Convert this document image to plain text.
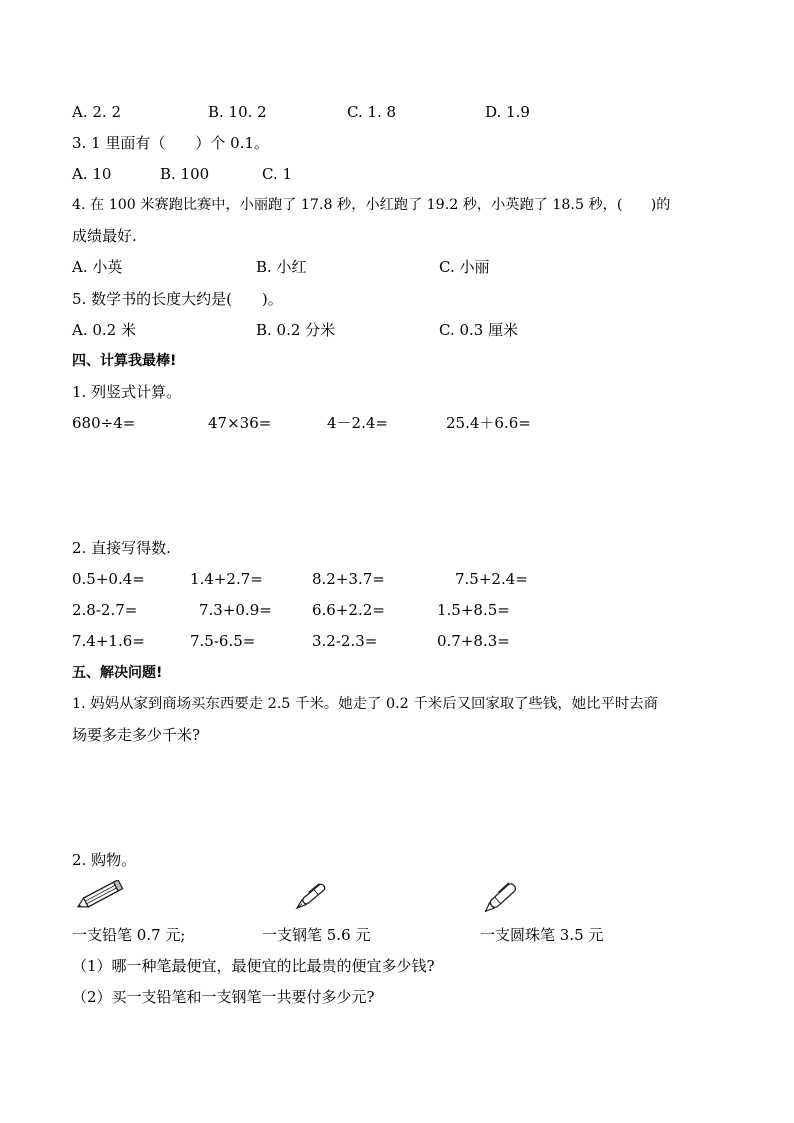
A. 2. 2	B. 10. 2	C. 1. 8	D. 1.9
3. 1 里面有（　　）个 0.1。
A. 10	B. 100	C. 1
4. 在 100 米赛跑比赛中，小丽跑了 17.8 秒，小红跑了 19.2 秒，小英跑了 18.5 秒，(　　)的
成绩最好.
A. 小英	B. 小红	C. 小丽
5. 数学书的长度大约是(　　)。
A. 0.2 米	B. 0.2 分米	C. 0.3 厘米
四、计算我最棒!
1. 列竖式计算。
680÷4=	47×36=	4－2.4=	25.4＋6.6=
2. 直接写得数.
0.5+0.4=	1.4+2.7=	8.2+3.7=	7.5+2.4=
2.8-2.7=	7.3+0.9=	6.6+2.2=	1.5+8.5=
7.4+1.6=	7.5-6.5=	3.2-2.3=	0.7+8.3=
五、解决问题!
1. 妈妈从家到商场买东西要走 2.5 千米。她走了 0.2 千米后又回家取了些钱，她比平时去商
场要多走多少千米?
2. 购物。
一支铅笔 0.7 元;	一支钢笔 5.6 元	一支圆珠笔 3.5 元
（1）哪一种笔最便宜，最便宜的比最贵的便宜多少钱?
（2）买一支铅笔和一支钢笔一共要付多少元?
